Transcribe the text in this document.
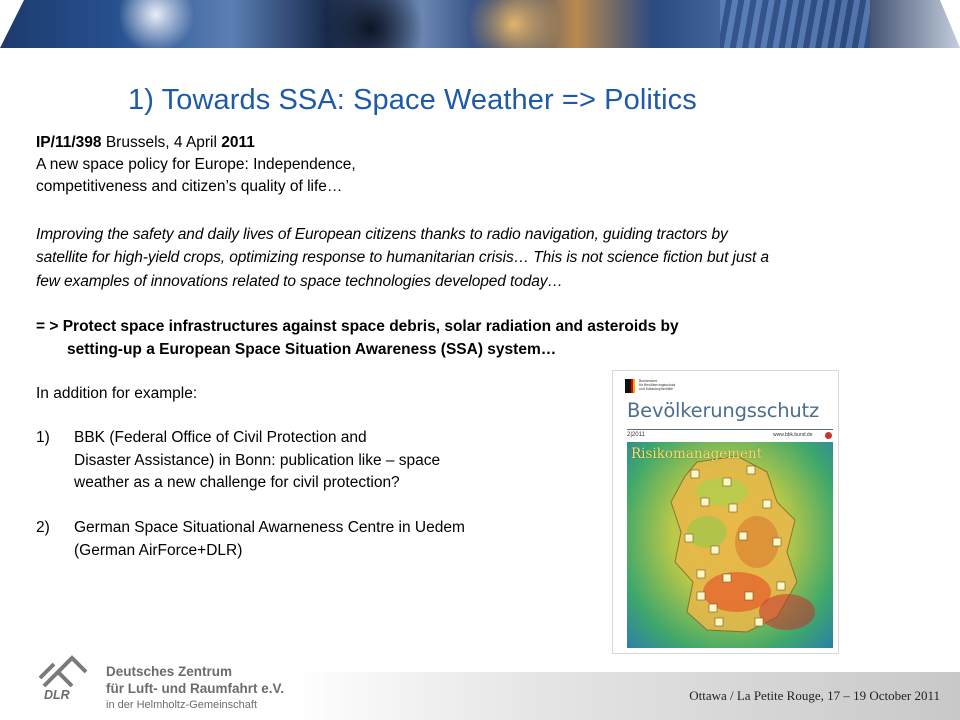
1) Towards SSA: Space Weather => Politics
IP/11/398 Brussels, 4 April 2011
A new space policy for Europe: Independence,
competitiveness and citizen’s quality of life…
Improving the safety and daily lives of European citizens thanks to radio navigation, guiding tractors by
satellite for high-yield crops, optimizing response to humanitarian crisis… This is not science fiction but just a
few examples of innovations related to space technologies developed today…
= > Protect space infrastructures against space debris, solar radiation and asteroids by
setting-up a European Space Situation Awareness (SSA) system…
In addition for example:
1) BBK (Federal Office of Civil Protection and
Disaster Assistance) in Bonn: publication like – space
weather as a new challenge for civil protection?
2) German Space Situational Awarneness Centre in Uedem
(German AirForce+DLR)
Bundesamt
für Bevölkerungsschutz
und Katastrophenhilfe
Bevölkerungsschutz
2|2011	www.bbk.bund.de
Risikomanagement
Ottawa / La Petite Rouge, 17 – 19 October 2011
DLR
Deutsches Zentrum
für Luft- und Raumfahrt e.V.
in der Helmholtz-Gemeinschaft
